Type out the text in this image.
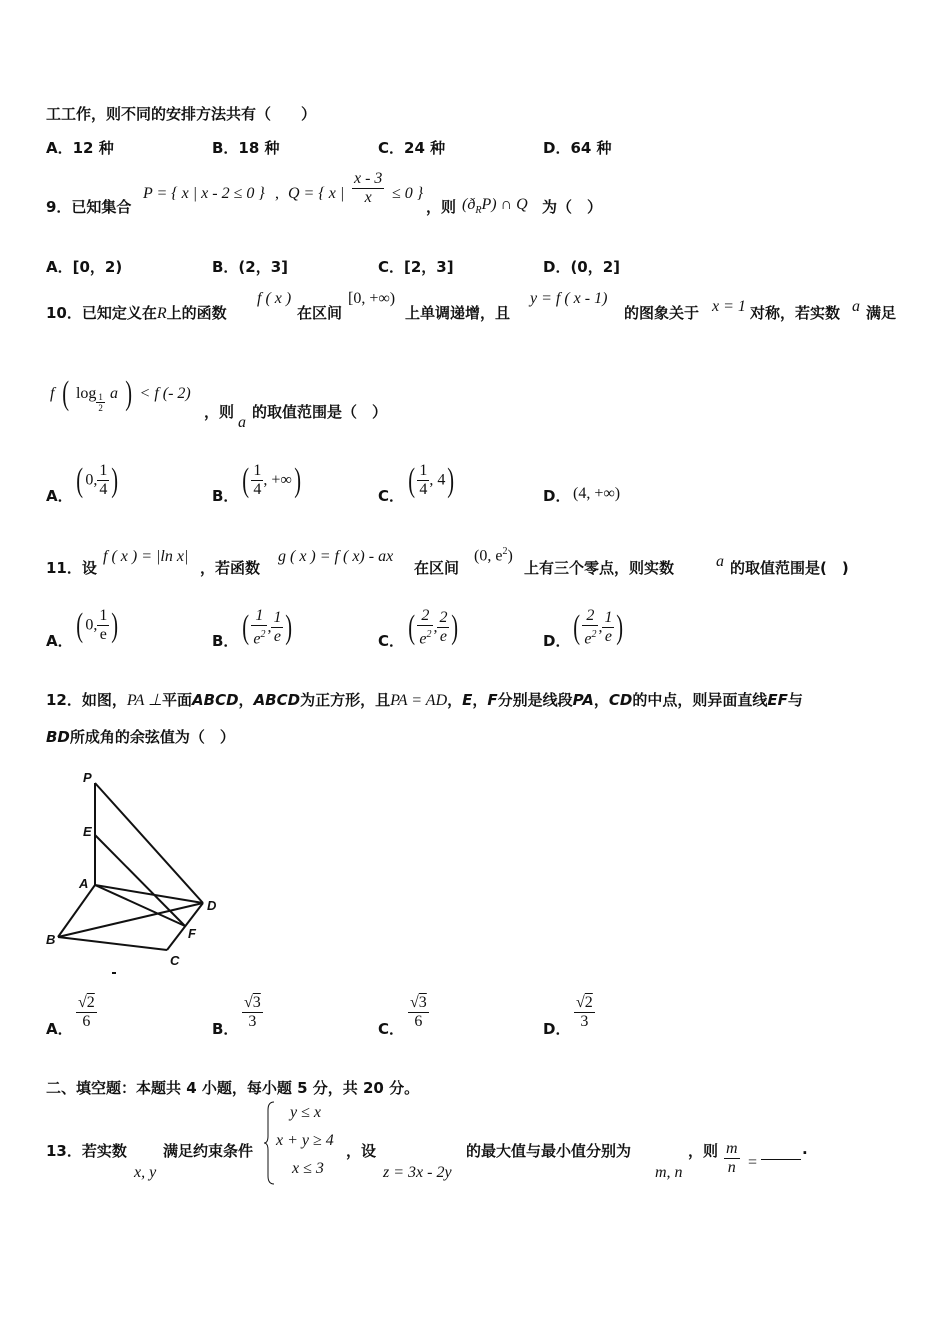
工工作，则不同的安排方法共有（　　）
A．12 种	B．18 种	C．24 种	D．64 种
9．已知集合
P = { x | x - 2 ≤ 0 } , Q = { x | $\frac{x - 3}{x} \le 0$ }
，则 $(ð_RP)$ ∩ Q 为（　）
A．[0，2)	B．(2，3]	C．[2，3]	D．(0，2]
10．已知定义在R上的函数
f ( x )
在区间
[0, +∞)
上单调递增，且
y = f ( x - 1)
的图象关于 x = 1 对称，若实数 a 满足
f ( $\log \frac{1}{2}$ a ) < f (- 2)
，则
a
的取值范围是（　）
A． ( 0, $\frac{1}{4}$ )	B． ( $\frac{1}{4}$ , +∞)	C． ( $\frac{1}{4}$ , 4)	D． (4, +∞)
11．设
f ( x ) = |ln x|
，若函数
g ( x ) = f ( x) - ax
在区间
(0, $e^2$)
上有三个零点，则实数	a 的取值范围是(　)
A． ( 0, $\frac{1}{e}$ )	B． ( $\frac{1}{e^2}$ , $\frac{1}{e}$ )	C． ( $\frac{2}{e^2}$ , $\frac{2}{e}$ )	D． ( $\frac{2}{e^2}$ , $\frac{1}{e}$ )
12．如图，PA ⊥平面ABCD，ABCD为正方形，且PA = AD，E，F分别是线段PA，CD的中点，则异面直线EF与
BD所成角的余弦值为（　）
P
E
A
D
B	F
C
A． $\frac{√2}{6}$	B． $\frac{√3}{3}$	C． $\frac{√3}{6}$	D． $\frac{√2}{3}$
二、填空题：本题共 4 小题，每小题 5 分，共 20 分。
13．若实数
x, y
满足约束条件
y ≤ x
x + y ≥ 4
x ≤ 3
，设
z = 3x - 2y
的最大值与最小值分别为
m, n
，则 $\frac{m}{n}$ =

.
